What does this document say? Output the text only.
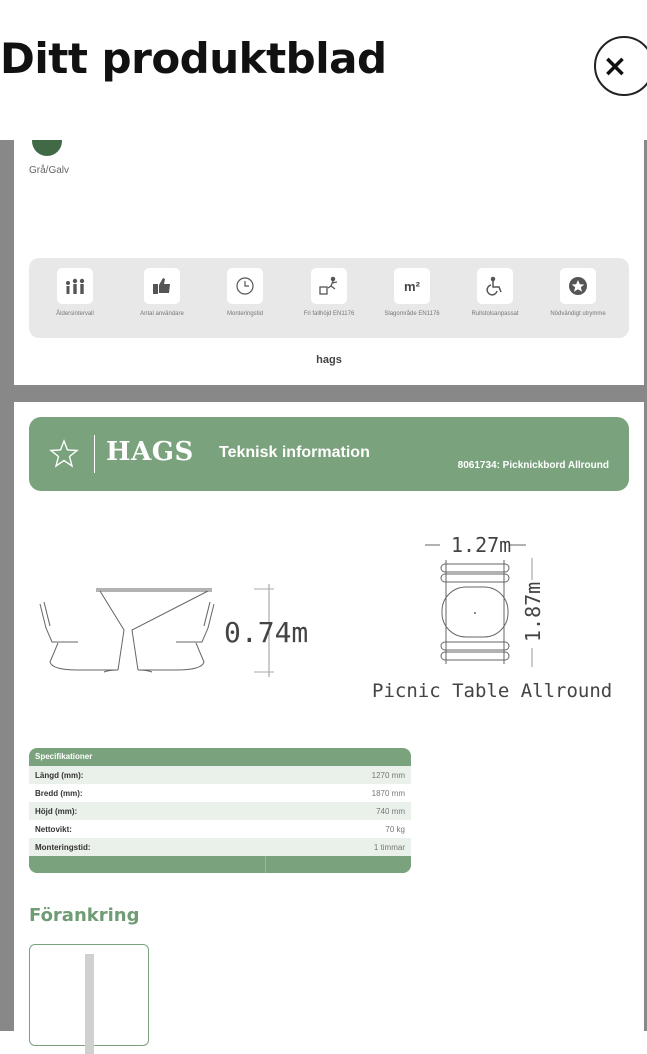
Ditt produktblad	×
Grå/Galv
Åldersintervall	Antal användare	Monteringstid	Fri fallhöjd EN1176
m²
Slagområde EN1176	Rullstolsanpassat	Nödvändigt utrymme
hags
HAGS Teknisk information
8061734: Picknickbord Allround
0.74m
1.27m
1.87m
Picnic Table Allround
Specifikationer
Längd (mm):	1270 mm
Bredd (mm):	1870 mm
Höjd (mm):	740 mm
Nettovikt:	70 kg
Monteringstid:	1 timmar
Förankring
